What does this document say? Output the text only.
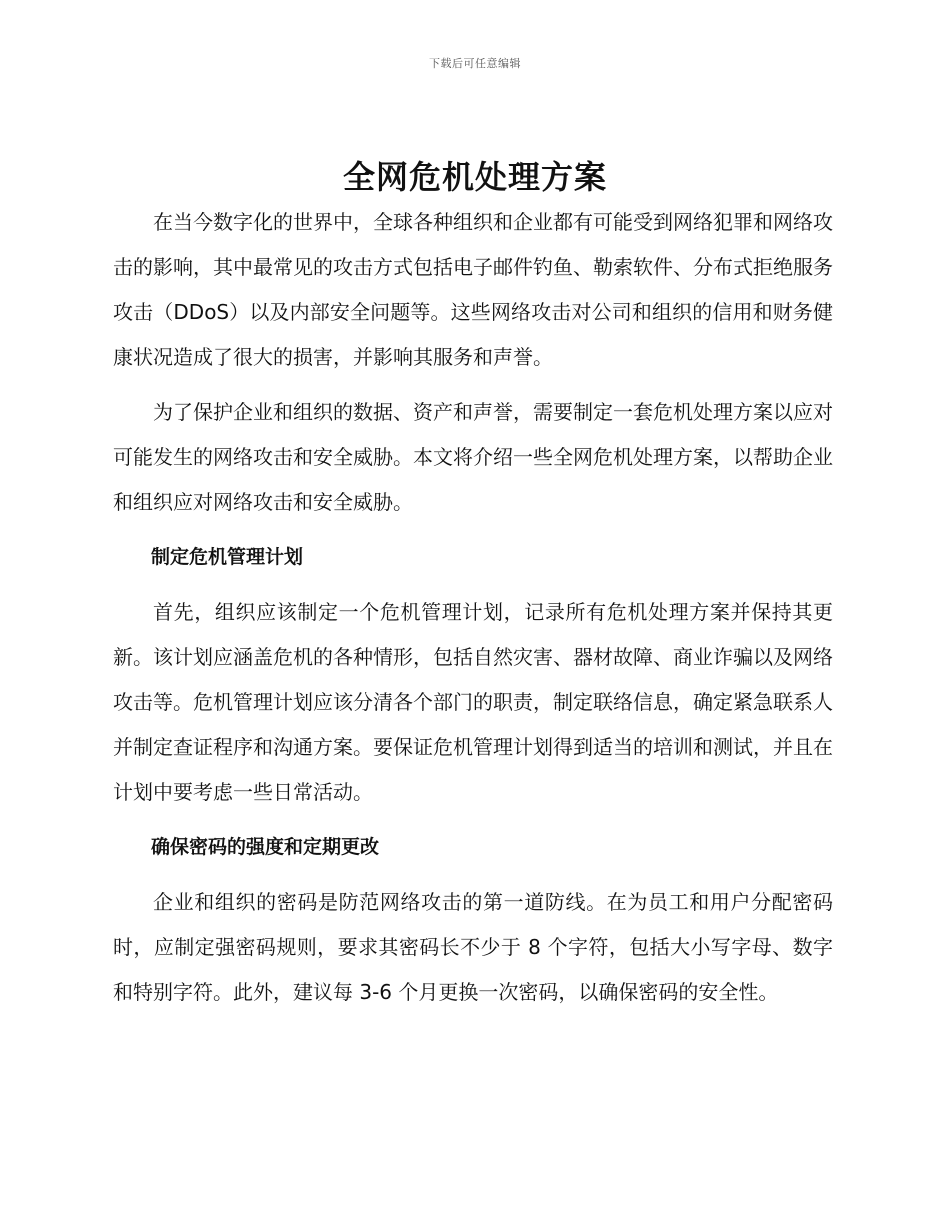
下载后可任意编辑
全网危机处理方案

在当今数字化的世界中，全球各种组织和企业都有可能受到网络犯罪和网络攻击的影响，其中最常见的攻击方式包括电子邮件钓鱼、勒索软件、分布式拒绝服务攻击（DDoS）以及内部安全问题等。这些网络攻击对公司和组织的信用和财务健康状况造成了很大的损害，并影响其服务和声誉。

为了保护企业和组织的数据、资产和声誉，需要制定一套危机处理方案以应对可能发生的网络攻击和安全威胁。本文将介绍一些全网危机处理方案，以帮助企业和组织应对网络攻击和安全威胁。

制定危机管理计划

首先，组织应该制定一个危机管理计划，记录所有危机处理方案并保持其更新。该计划应涵盖危机的各种情形，包括自然灾害、器材故障、商业诈骗以及网络攻击等。危机管理计划应该分清各个部门的职责，制定联络信息，确定紧急联系人并制定查证程序和沟通方案。要保证危机管理计划得到适当的培训和测试，并且在计划中要考虑一些日常活动。

确保密码的强度和定期更改

企业和组织的密码是防范网络攻击的第一道防线。在为员工和用户分配密码时，应制定强密码规则，要求其密码长不少于 8 个字符，包括大小写字母、数字和特别字符。此外，建议每 3-6 个月更换一次密码，以确保密码的安全性。
